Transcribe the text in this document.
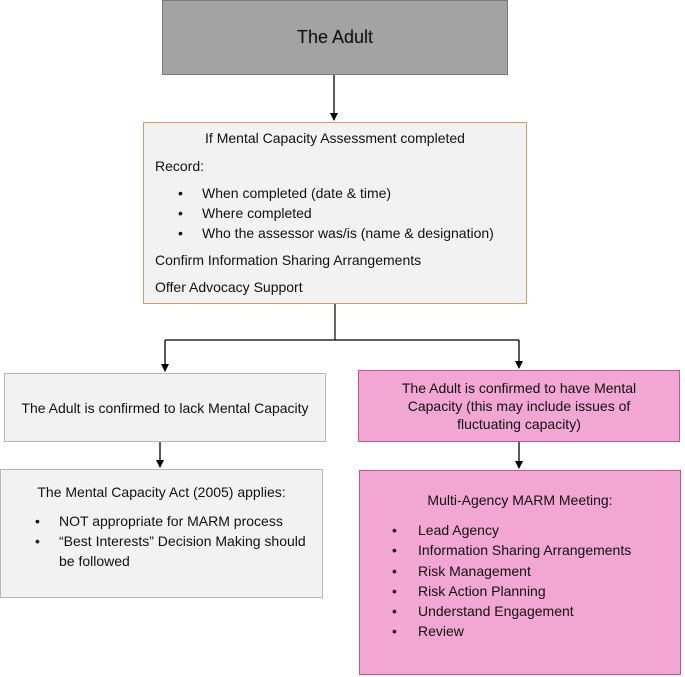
The Adult
If Mental Capacity Assessment completed
Record:
• When completed (date & time)
• Where completed
• Who the assessor was/is (name & designation)
Confirm Information Sharing Arrangements
Offer Advocacy Support
The Adult is confirmed to lack Mental Capacity
The Adult is confirmed to have Mental Capacity (this may include issues of fluctuating capacity)
The Mental Capacity Act (2005) applies:
• NOT appropriate for MARM process
• “Best Interests” Decision Making should be followed
Multi-Agency MARM Meeting:
• Lead Agency
• Information Sharing Arrangements
• Risk Management
• Risk Action Planning
• Understand Engagement
• Review
